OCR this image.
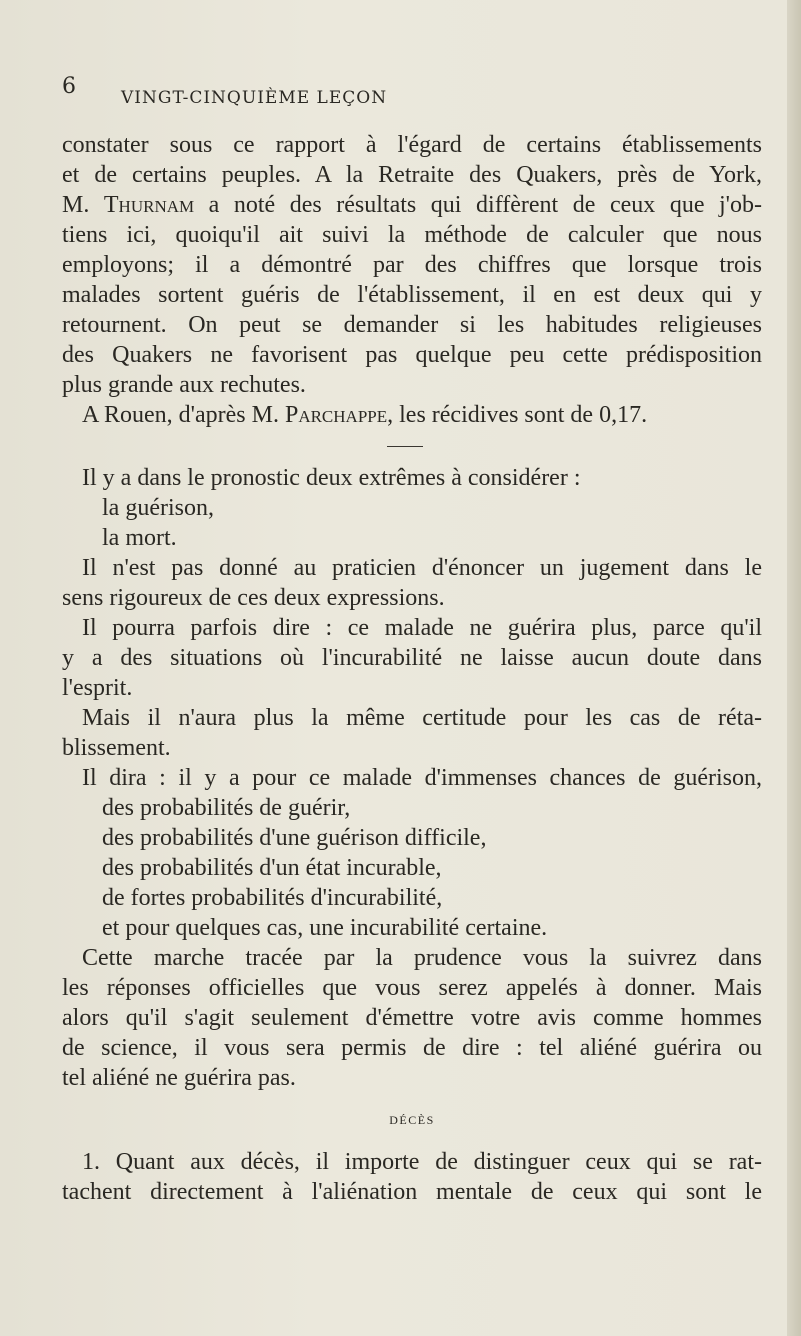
6	VINGT-CINQUIÈME LEÇON
constater sous ce rapport à l'égard de certains établissements
et de certains peuples. A la Retraite des Quakers, près de York,
M. Thurnam a noté des résultats qui diffèrent de ceux que j'ob-
tiens ici, quoiqu'il ait suivi la méthode de calculer que nous
employons; il a démontré par des chiffres que lorsque trois
malades sortent guéris de l'établissement, il en est deux qui y
retournent. On peut se demander si les habitudes religieuses
des Quakers ne favorisent pas quelque peu cette prédisposition
plus grande aux rechutes.
A Rouen, d'après M. Parchappe, les récidives sont de 0,17.
Il y a dans le pronostic deux extrêmes à considérer :
la guérison,
la mort.
Il n'est pas donné au praticien d'énoncer un jugement dans le
sens rigoureux de ces deux expressions.
Il pourra parfois dire : ce malade ne guérira plus, parce qu'il
y a des situations où l'incurabilité ne laisse aucun doute dans
l'esprit.
Mais il n'aura plus la même certitude pour les cas de réta-
blissement.
Il dira : il y a pour ce malade d'immenses chances de guérison,
des probabilités de guérir,
des probabilités d'une guérison difficile,
des probabilités d'un état incurable,
de fortes probabilités d'incurabilité,
et pour quelques cas, une incurabilité certaine.
Cette marche tracée par la prudence vous la suivrez dans
les réponses officielles que vous serez appelés à donner. Mais
alors qu'il s'agit seulement d'émettre votre avis comme hommes
de science, il vous sera permis de dire : tel aliéné guérira ou
tel aliéné ne guérira pas.
DÉCÈS
1. Quant aux décès, il importe de distinguer ceux qui se rat-
tachent directement à l'aliénation mentale de ceux qui sont le
